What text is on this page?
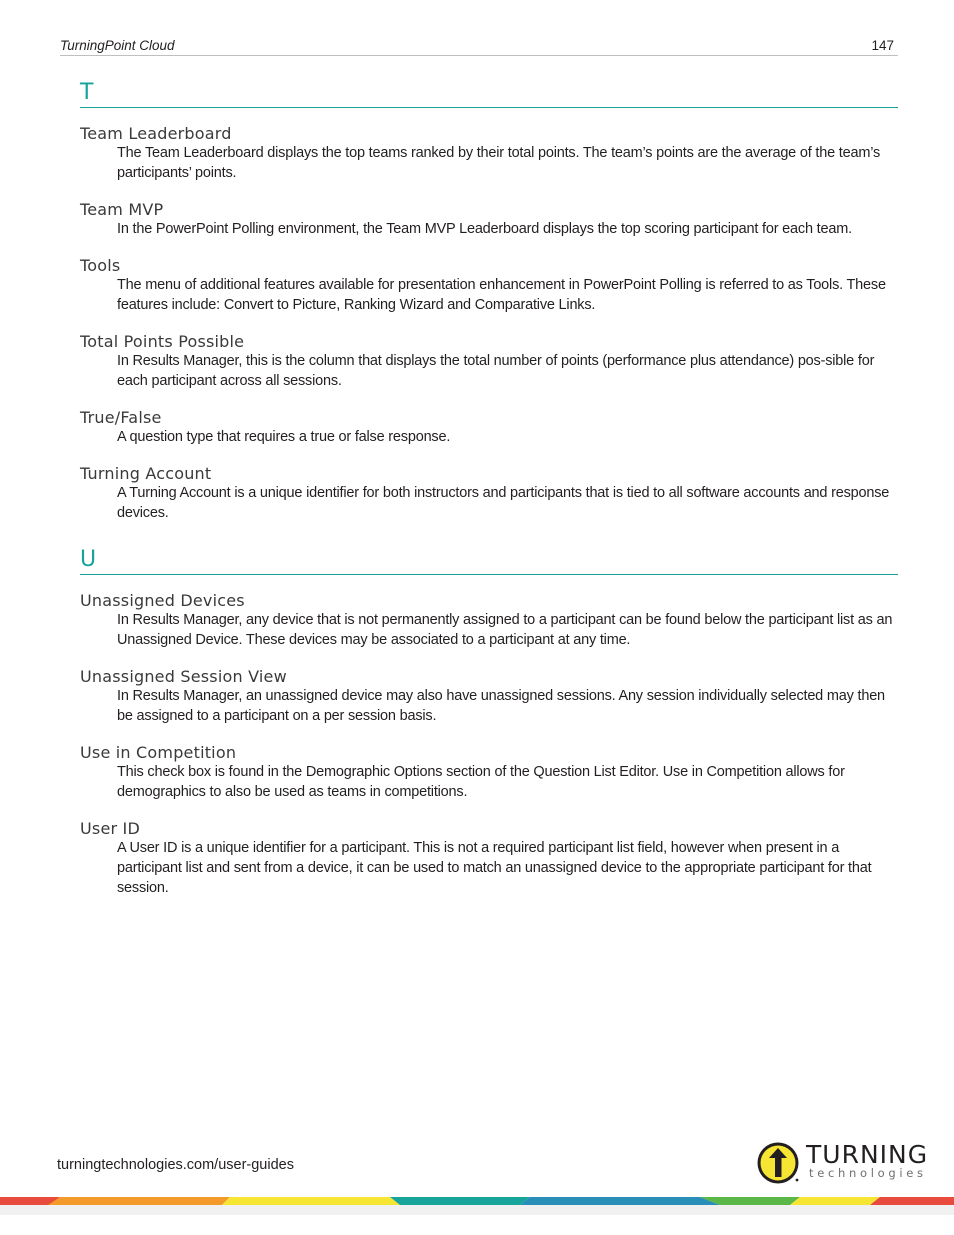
TurningPoint Cloud	147
T
Team Leaderboard
The Team Leaderboard displays the top teams ranked by their total points. The team’s points are the average of the team’s participants’ points.
Team MVP
In the PowerPoint Polling environment, the Team MVP Leaderboard displays the top scoring participant for each team.
Tools
The menu of additional features available for presentation enhancement in PowerPoint Polling is referred to as Tools. These features include: Convert to Picture, Ranking Wizard and Comparative Links.
Total Points Possible
In Results Manager, this is the column that displays the total number of points (performance plus attendance) pos-sible for each participant across all sessions.
True/False
A question type that requires a true or false response.
Turning Account
A Turning Account is a unique identifier for both instructors and participants that is tied to all software accounts and response devices.
U
Unassigned Devices
In Results Manager, any device that is not permanently assigned to a participant can be found below the participant list as an Unassigned Device. These devices may be associated to a participant at any time.
Unassigned Session View
In Results Manager, an unassigned device may also have unassigned sessions. Any session individually selected may then be assigned to a participant on a per session basis.
Use in Competition
This check box is found in the Demographic Options section of the Question List Editor. Use in Competition allows for demographics to also be used as teams in competitions.
User ID
A User ID is a unique identifier for a participant. This is not a required participant list field, however when present in a participant list and sent from a device, it can be used to match an unassigned device to the appropriate participant for that session.
turningtechnologies.com/user-guides	TURNING
technologies
